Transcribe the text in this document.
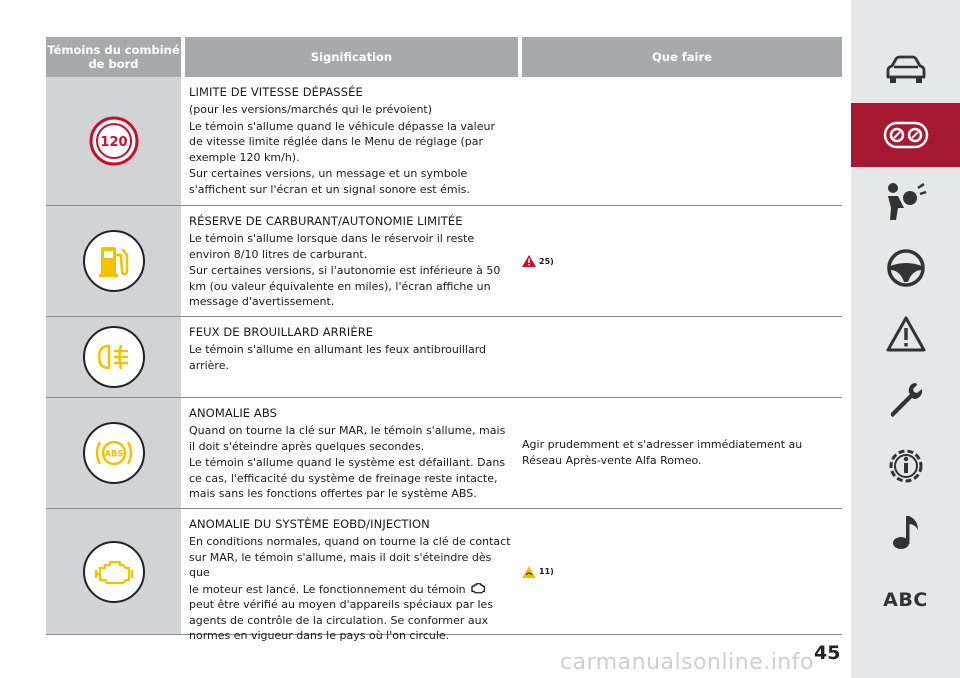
Témoins du combiné de bord	Signification	Que faire
120
LIMITE DE VITESSE DÉPASSÉE
(pour les versions/marchés qui le prévoient)
Le témoin s'allume quand le véhicule dépasse la valeur de vitesse limite réglée dans le Menu de réglage (par exemple 120 km/h).
Sur certaines versions, un message et un symbole s'affichent sur l'écran et un signal sonore est émis.
RÉSERVE DE CARBURANT/AUTONOMIE LIMITÉE
Le témoin s'allume lorsque dans le réservoir il reste environ 8/10 litres de carburant.
Sur certaines versions, si l'autonomie est inférieure à 50 km (ou valeur équivalente en miles), l'écran affiche un message d'avertissement.
25)
FEUX DE BROUILLARD ARRIÈRE
Le témoin s'allume en allumant les feux antibrouillard arrière.
ABS
ANOMALIE ABS
Quand on tourne la clé sur MAR, le témoin s'allume, mais il doit s'éteindre après quelques secondes.
Le témoin s'allume quand le système est défaillant. Dans ce cas, l'efficacité du système de freinage reste intacte, mais sans les fonctions offertes par le système ABS.
Agir prudemment et s'adresser immédiatement au Réseau Après-vente Alfa Romeo.
ANOMALIE DU SYSTÈME EOBD/INJECTION
En conditions normales, quand on tourne la clé de contact sur MAR, le témoin s'allume, mais il doit s'éteindre dès que
le moteur est lancé. Le fonctionnement du témoin  peut être vérifié au moyen d'appareils spéciaux par les agents de contrôle de la circulation. Se conformer aux normes en vigueur dans le pays où l'on circule.
11)
ABC
45
carmanualsonline.info
